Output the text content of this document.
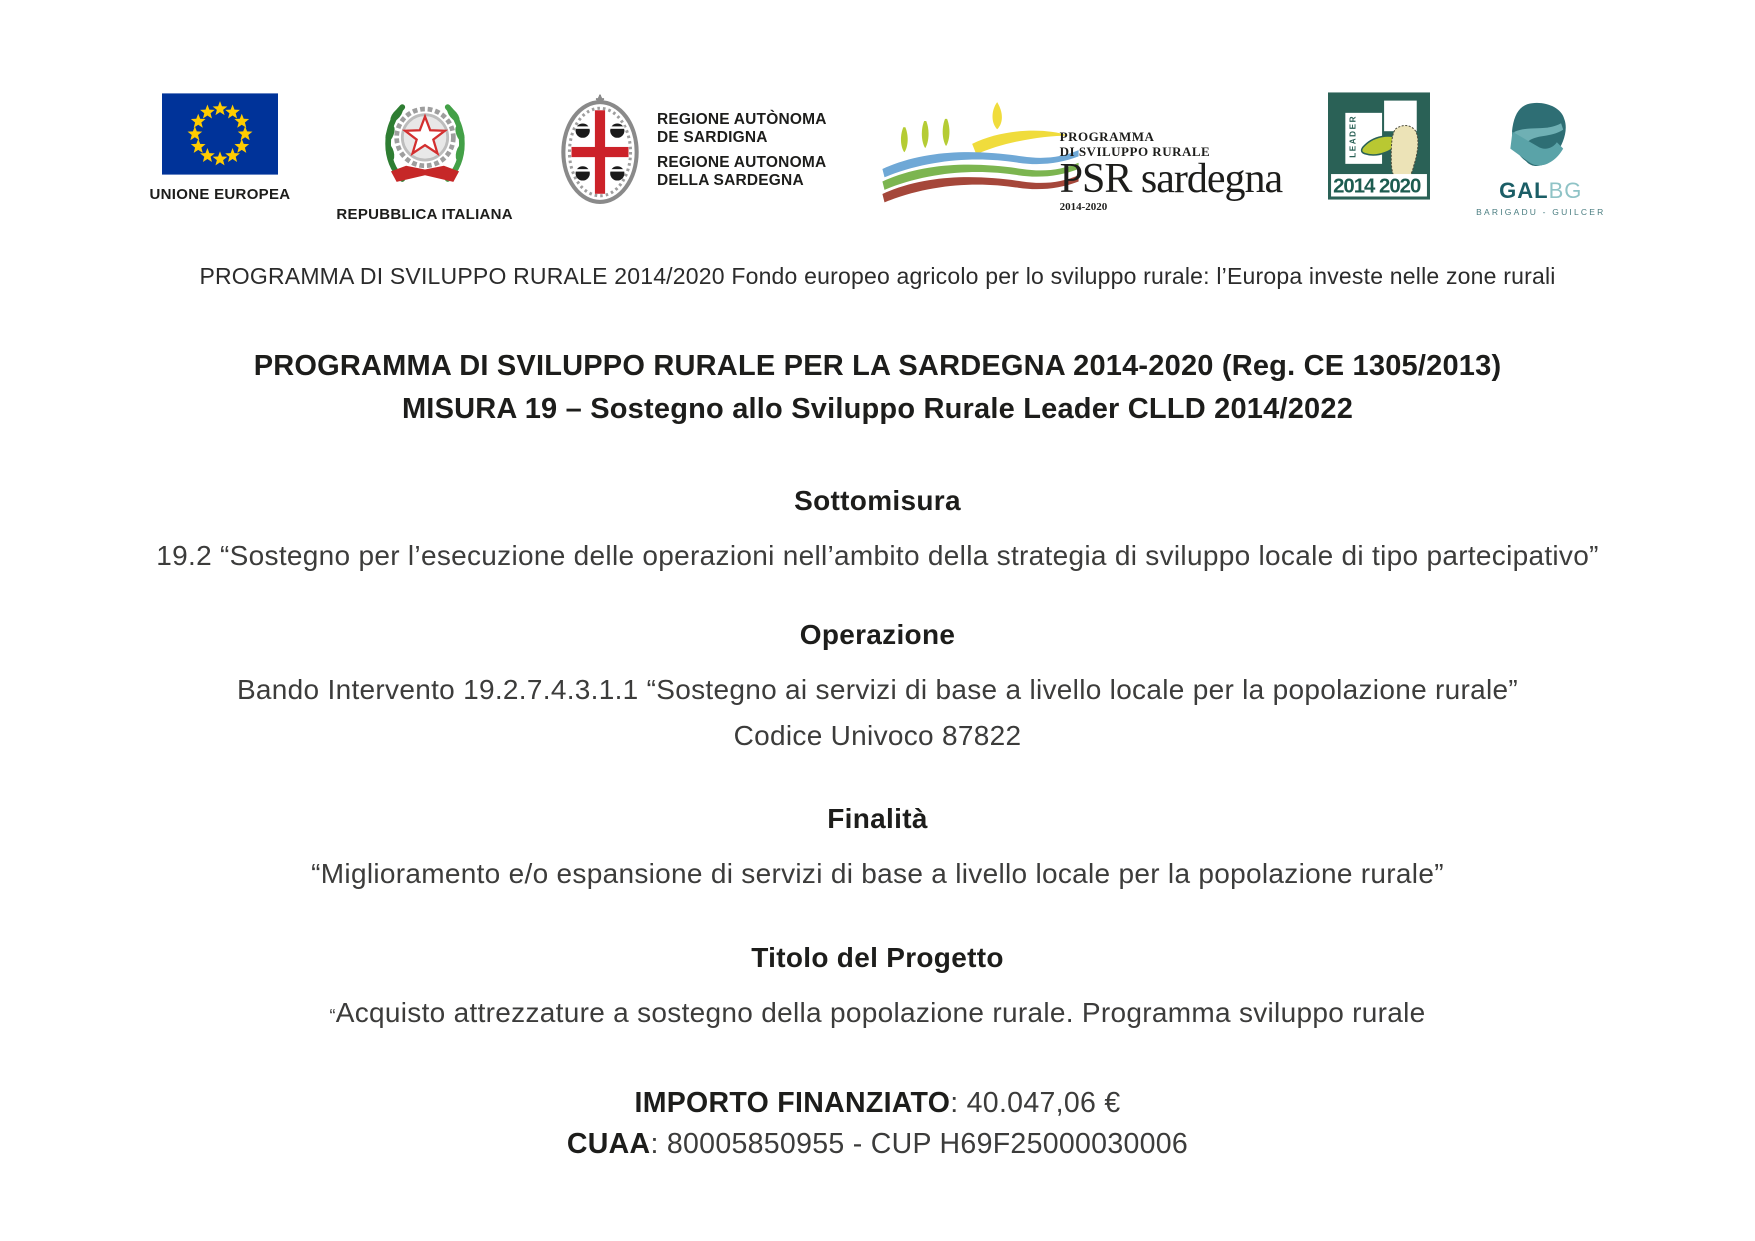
UNIONE EUROPEA
REPUBBLICA ITALIANA
REGIONE AUTÒNOMA
DE SARDIGNA
REGIONE AUTONOMA
DELLA SARDEGNA
PROGRAMMA
DI SVILUPPO RURALE
PSR sardegna
2014-2020
LEADER
2014 2020	GALBG
BARIGADU - GUILCER
PROGRAMMA DI SVILUPPO RURALE 2014/2020 Fondo europeo agricolo per lo sviluppo rurale: l’Europa investe nelle zone rurali
PROGRAMMA DI SVILUPPO RURALE PER LA SARDEGNA 2014-2020 (Reg. CE 1305/2013)
MISURA 19 – Sostegno allo Sviluppo Rurale Leader CLLD 2014/2022
Sottomisura
19.2 “Sostegno per l’esecuzione delle operazioni nell’ambito della strategia di sviluppo locale di tipo partecipativo”
Operazione
Bando Intervento 19.2.7.4.3.1.1 “Sostegno ai servizi di base a livello locale per la popolazione rurale”
Codice Univoco 87822
Finalità
“Miglioramento e/o espansione di servizi di base a livello locale per la popolazione rurale”
Titolo del Progetto
“Acquisto attrezzature a sostegno della popolazione rurale. Programma sviluppo rurale
IMPORTO FINANZIATO: 40.047,06 €
CUAA: 80005850955 - CUP H69F25000030006
